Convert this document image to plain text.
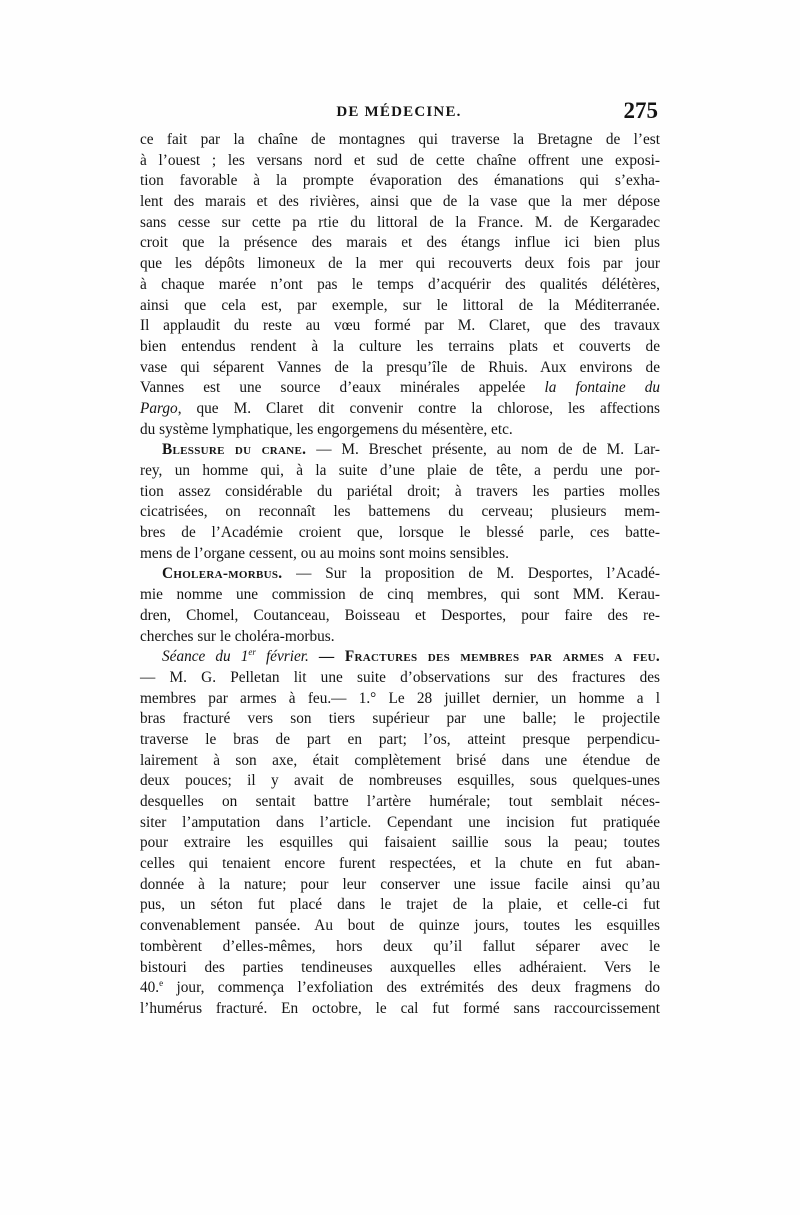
DE MÉDECINE.	275
ce fait par la chaîne de montagnes qui traverse la Bretagne de l’est
à l’ouest ; les versans nord et sud de cette chaîne offrent une exposi-
tion favorable à la prompte évaporation des émanations qui s’exha-
lent des marais et des rivières, ainsi que de la vase que la mer dépose
sans cesse sur cette pa rtie du littoral de la France. M. de Kergaradec
croit que la présence des marais et des étangs influe ici bien plus
que les dépôts limoneux de la mer qui recouverts deux fois par jour
à chaque marée n’ont pas le temps d’acquérir des qualités délétères,
ainsi que cela est, par exemple, sur le littoral de la Méditerranée.
Il applaudit du reste au vœu formé par M. Claret, que des travaux
bien entendus rendent à la culture les terrains plats et couverts de
vase qui séparent Vannes de la presqu’île de Rhuis. Aux environs de
Vannes est une source d’eaux minérales appelée la fontaine du
Pargo, que M. Claret dit convenir contre la chlorose, les affections
du système lymphatique, les engorgemens du mésentère, etc.
Blessure du crane. — M. Breschet présente, au nom de de M. Lar-
rey, un homme qui, à la suite d’une plaie de tête, a perdu une por-
tion assez considérable du pariétal droit; à travers les parties molles
cicatrisées, on reconnaît les battemens du cerveau; plusieurs mem-
bres de l’Académie croient que, lorsque le blessé parle, ces batte-
mens de l’organe cessent, ou au moins sont moins sensibles.
Cholera-morbus. — Sur la proposition de M. Desportes, l’Acadé-
mie nomme une commission de cinq membres, qui sont MM. Kerau-
dren, Chomel, Coutanceau, Boisseau et Desportes, pour faire des re-
cherches sur le choléra-morbus.
Séance du 1er février. — Fractures des membres par armes a feu.
— M. G. Pelletan lit une suite d’observations sur des fractures des
membres par armes à feu.— 1.° Le 28 juillet dernier, un homme a l
bras fracturé vers son tiers supérieur par une balle; le projectile
traverse le bras de part en part; l’os, atteint presque perpendicu-
lairement à son axe, était complètement brisé dans une étendue de
deux pouces; il y avait de nombreuses esquilles, sous quelques-unes
desquelles on sentait battre l’artère humérale; tout semblait néces-
siter l’amputation dans l’article. Cependant une incision fut pratiquée
pour extraire les esquilles qui faisaient saillie sous la peau; toutes
celles qui tenaient encore furent respectées, et la chute en fut aban-
donnée à la nature; pour leur conserver une issue facile ainsi qu’au
pus, un séton fut placé dans le trajet de la plaie, et celle-ci fut
convenablement pansée. Au bout de quinze jours, toutes les esquilles
tombèrent d’elles-mêmes, hors deux qu’il fallut séparer avec le
bistouri des parties tendineuses auxquelles elles adhéraient. Vers le
40.$^e$ jour, commença l’exfoliation des extrémités des deux fragmens do
l’humérus fracturé. En octobre, le cal fut formé sans raccourcissement
